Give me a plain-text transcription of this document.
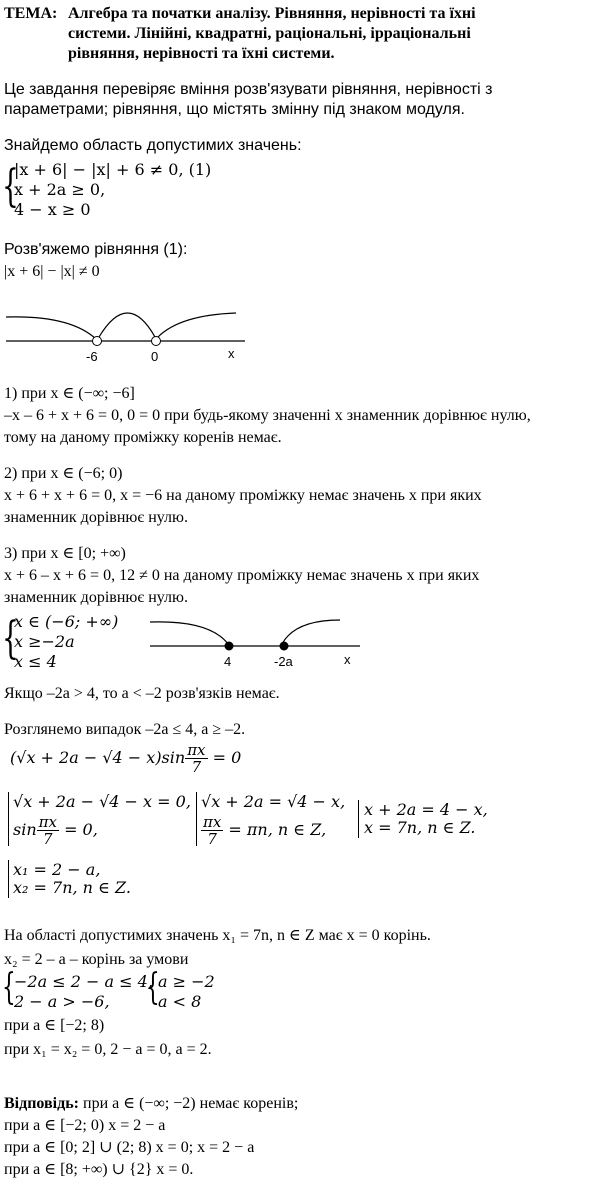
ТЕМА: Алгебра та початки аналізу. Рівняння, нерівності та їхні
системи. Лінійні, квадратні, раціональні, ірраціональні
рівняння, нерівності та їхні системи.
Це завдання перевіряє вміння розв'язувати рівняння, нерівності з
параметрами; рівняння, що містять змінну під знаком модуля.
Знайдемо область допустимих значень:
{
|x + 6| − |x| + 6 ≠ 0, (1)
x + 2a ≥ 0,
4 − x ≥ 0
Розв'яжемо рівняння (1):
|x + 6| − |x| ≠ 0
-6	0	x
1) при x ∈ (−∞; −6]
–x – 6 + x + 6 = 0, 0 = 0 при будь-якому значенні x знаменник дорівнює нулю,
тому на даному проміжку коренів немає.
2) при x ∈ (−6; 0)
x + 6 + x + 6 = 0, x = −6 на даному проміжку немає значень x при яких
знаменник дорівнює нулю.
3) при x ∈ [0; +∞)
x + 6 – x + 6 = 0, 12 ≠ 0 на даному проміжку немає значень x при яких
знаменник дорівнює нулю.
{
x ∈ (−6; +∞)
x ≥−2a
x ≤ 4	4	-2a	x
Якщо –2a > 4, то a < –2 розв'язків немає.
Розглянемо випадок –2a ≤ 4, a ≥ –2.
$(√x + 2a - √4 - x)\sin \frac{\pi x}{7} = 0$
√x + 2a − √4 − x = 0,
$\sin \frac{\pi x}{7} = 0$,
√x + 2a = √4 − x,
$\frac{\pi x}{7} = \pi n$, n ∈ Z,
x + 2a = 4 − x,
x = 7n, n ∈ Z.
x₁ = 2 − a,
x₂ = 7n, n ∈ Z.
На області допустимих значень x₁ = 7n, n ∈ Z має x = 0 корінь.
x₂ = 2 – a – корінь за умови
{
−2a ≤ 2 − a ≤ 4,
2 − a > −6, {
a ≥ −2
a < 8
при a ∈ [−2; 8)
при x₁ = x₂ = 0, 2 − a = 0, a = 2.
Відповідь: при a ∈ (−∞; −2) немає коренів;
при a ∈ [−2; 0) x = 2 − a
при a ∈ [0; 2] ∪ (2; 8) x = 0; x = 2 − a
при a ∈ [8; +∞) ∪ {2} x = 0.
